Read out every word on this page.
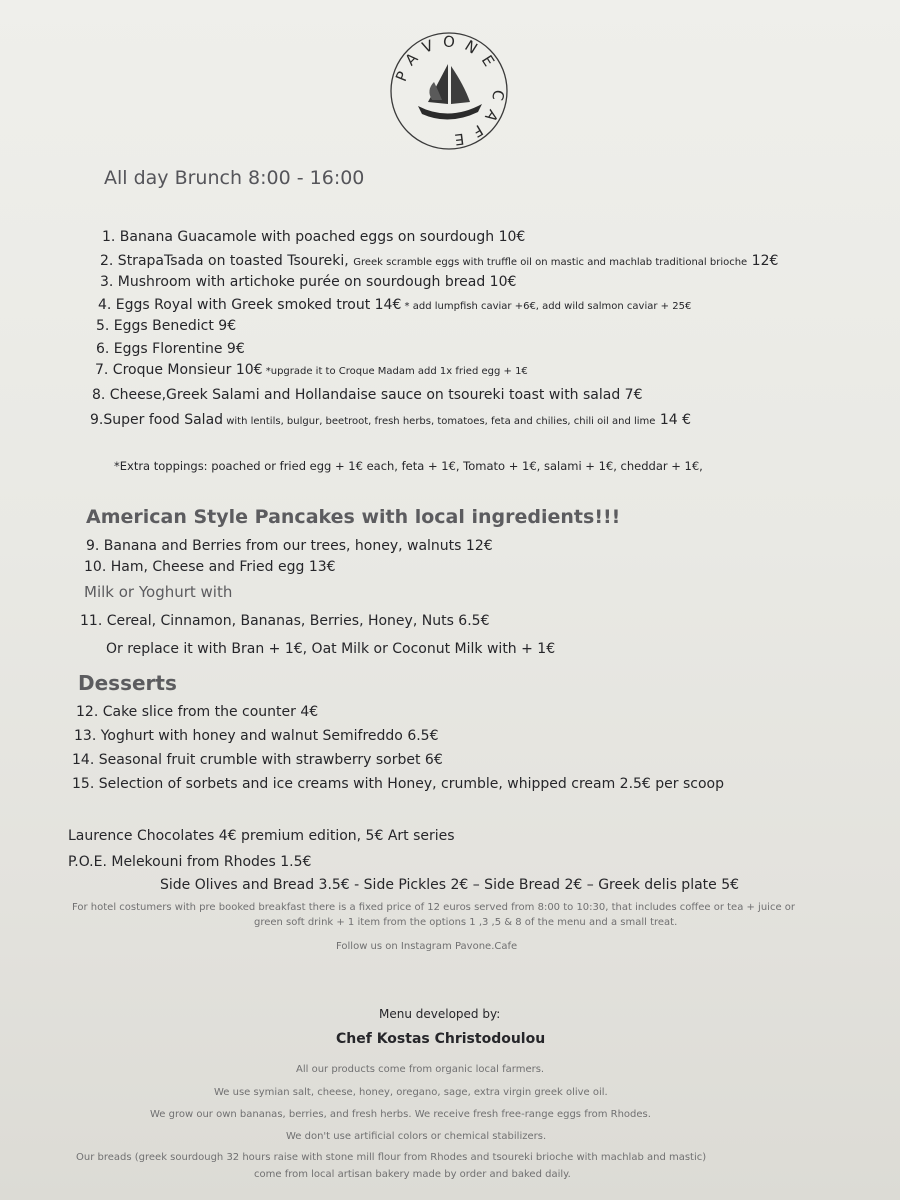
PAVONE CAFE
All day Brunch 8:00 - 16:00
1. Banana Guacamole with poached eggs on sourdough 10€
2. StrapaTsada on toasted Tsoureki, Greek scramble eggs with truffle oil on mastic and machlab traditional brioche 12€
3. Mushroom with artichoke purée on sourdough bread 10€
4. Eggs Royal with Greek smoked trout 14€ * add lumpfish caviar +6€, add wild salmon caviar + 25€
5. Eggs Benedict 9€
6. Eggs Florentine 9€
7. Croque Monsieur 10€ *upgrade it to Croque Madam add 1x fried egg + 1€
8. Cheese,Greek Salami and Hollandaise sauce on tsoureki toast with salad 7€
9.Super food Salad with lentils, bulgur, beetroot, fresh herbs, tomatoes, feta and chilies, chili oil and lime 14 €
*Extra toppings: poached or fried egg + 1€ each, feta + 1€, Tomato + 1€, salami + 1€, cheddar + 1€,
American Style Pancakes with local ingredients!!!
9. Banana and Berries from our trees, honey, walnuts 12€
10. Ham, Cheese and Fried egg 13€
Milk or Yoghurt with
11. Cereal, Cinnamon, Bananas, Berries, Honey, Nuts 6.5€
Or replace it with Bran + 1€, Oat Milk or Coconut Milk with + 1€
Desserts
12. Cake slice from the counter 4€
13. Yoghurt with honey and walnut Semifreddo 6.5€
14. Seasonal fruit crumble with strawberry sorbet 6€
15. Selection of sorbets and ice creams with Honey, crumble, whipped cream 2.5€ per scoop
Laurence Chocolates 4€ premium edition, 5€ Art series
P.O.E. Melekouni from Rhodes 1.5€
Side Olives and Bread 3.5€ - Side Pickles 2€ – Side Bread 2€ – Greek delis plate 5€
For hotel costumers with pre booked breakfast there is a fixed price of 12 euros served from 8:00 to 10:30, that includes coffee or tea + juice or
green soft drink + 1 item from the options 1 ,3 ,5 & 8 of the menu and a small treat.
Follow us on Instagram Pavone.Cafe
Menu developed by:
Chef Kostas Christodoulou
All our products come from organic local farmers.
We use symian salt, cheese, honey, oregano, sage, extra virgin greek olive oil.
We grow our own bananas, berries, and fresh herbs. We receive fresh free-range eggs from Rhodes.
We don't use artificial colors or chemical stabilizers.
Our breads (greek sourdough 32 hours raise with stone mill flour from Rhodes and tsoureki brioche with machlab and mastic)
come from local artisan bakery made by order and baked daily.
